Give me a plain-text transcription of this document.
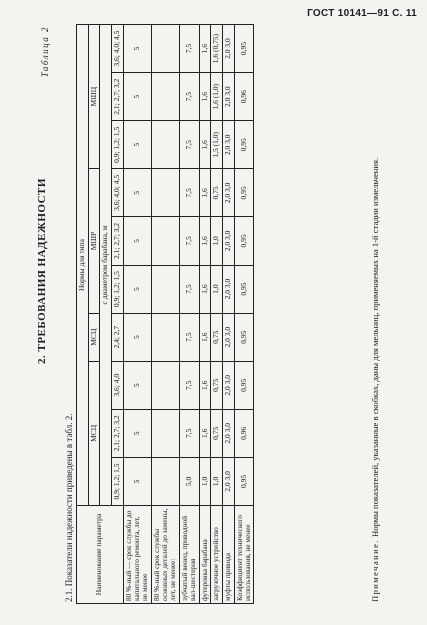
ГОСТ 10141—91 С. 11
2. ТРЕБОВАНИЯ НАДЕЖНОСТИ
2.1. Показатели надежности приведены в табл. 2.
Таблица 2
Наименование параметра	Нормы для типа									
	МСЦ			МСЦ	МШР			МШЦ		
	с диаметром барабана, м									
	0,9; 1,2; 1,5	2,1; 2,7; 3,2	3,6; 4,0	2,4; 2,7	0,9; 1,2; 1,5	2,1; 2,7; 3,2	3,6; 4,0; 4,5	0,9; 1,2; 1,5	2,1; 2,7; 3,2	3,6; 4,0; 4,5
80 %-ный — срок службы до капитального ремонта, лет, не менее	5	5	5	5	5	5	5	5	5	5
80 %-ный срок службы основных деталей до замены, лет, не менее:										
зубчатый венец, приводной вал-шестерня	5,0	7,5	7,5	7,5	7,5	7,5	7,5	7,5	7,5	7,5
футеровка барабана	1,0	1,6	1,6	1,6	1,6	1,6	1,6	1,6	1,6	1,6
загрузочное устройство	1,0	0,75	0,75	0,75	1,0	1,0	0,75	1,5 (1,0)	1,6 (1,0)	1,6 (0,75)
муфты привода	2,0 3,0	2,0 3,0	2,0 3,0	2,0 3,0	2,0 3,0	2,0 3,0	2,0 3,0	2,0 3,0	2,0 3,0	2,0 3,0
Коэффициент технического использования, не менее	0,95	0,96	0,95	0,95	0,95	0,95	0,95	0,95	0,96	0,95
Примечание. Нормы показателей, указанные в скобках, даны для мельниц, применяемых на 1-й стадии измельчения.
